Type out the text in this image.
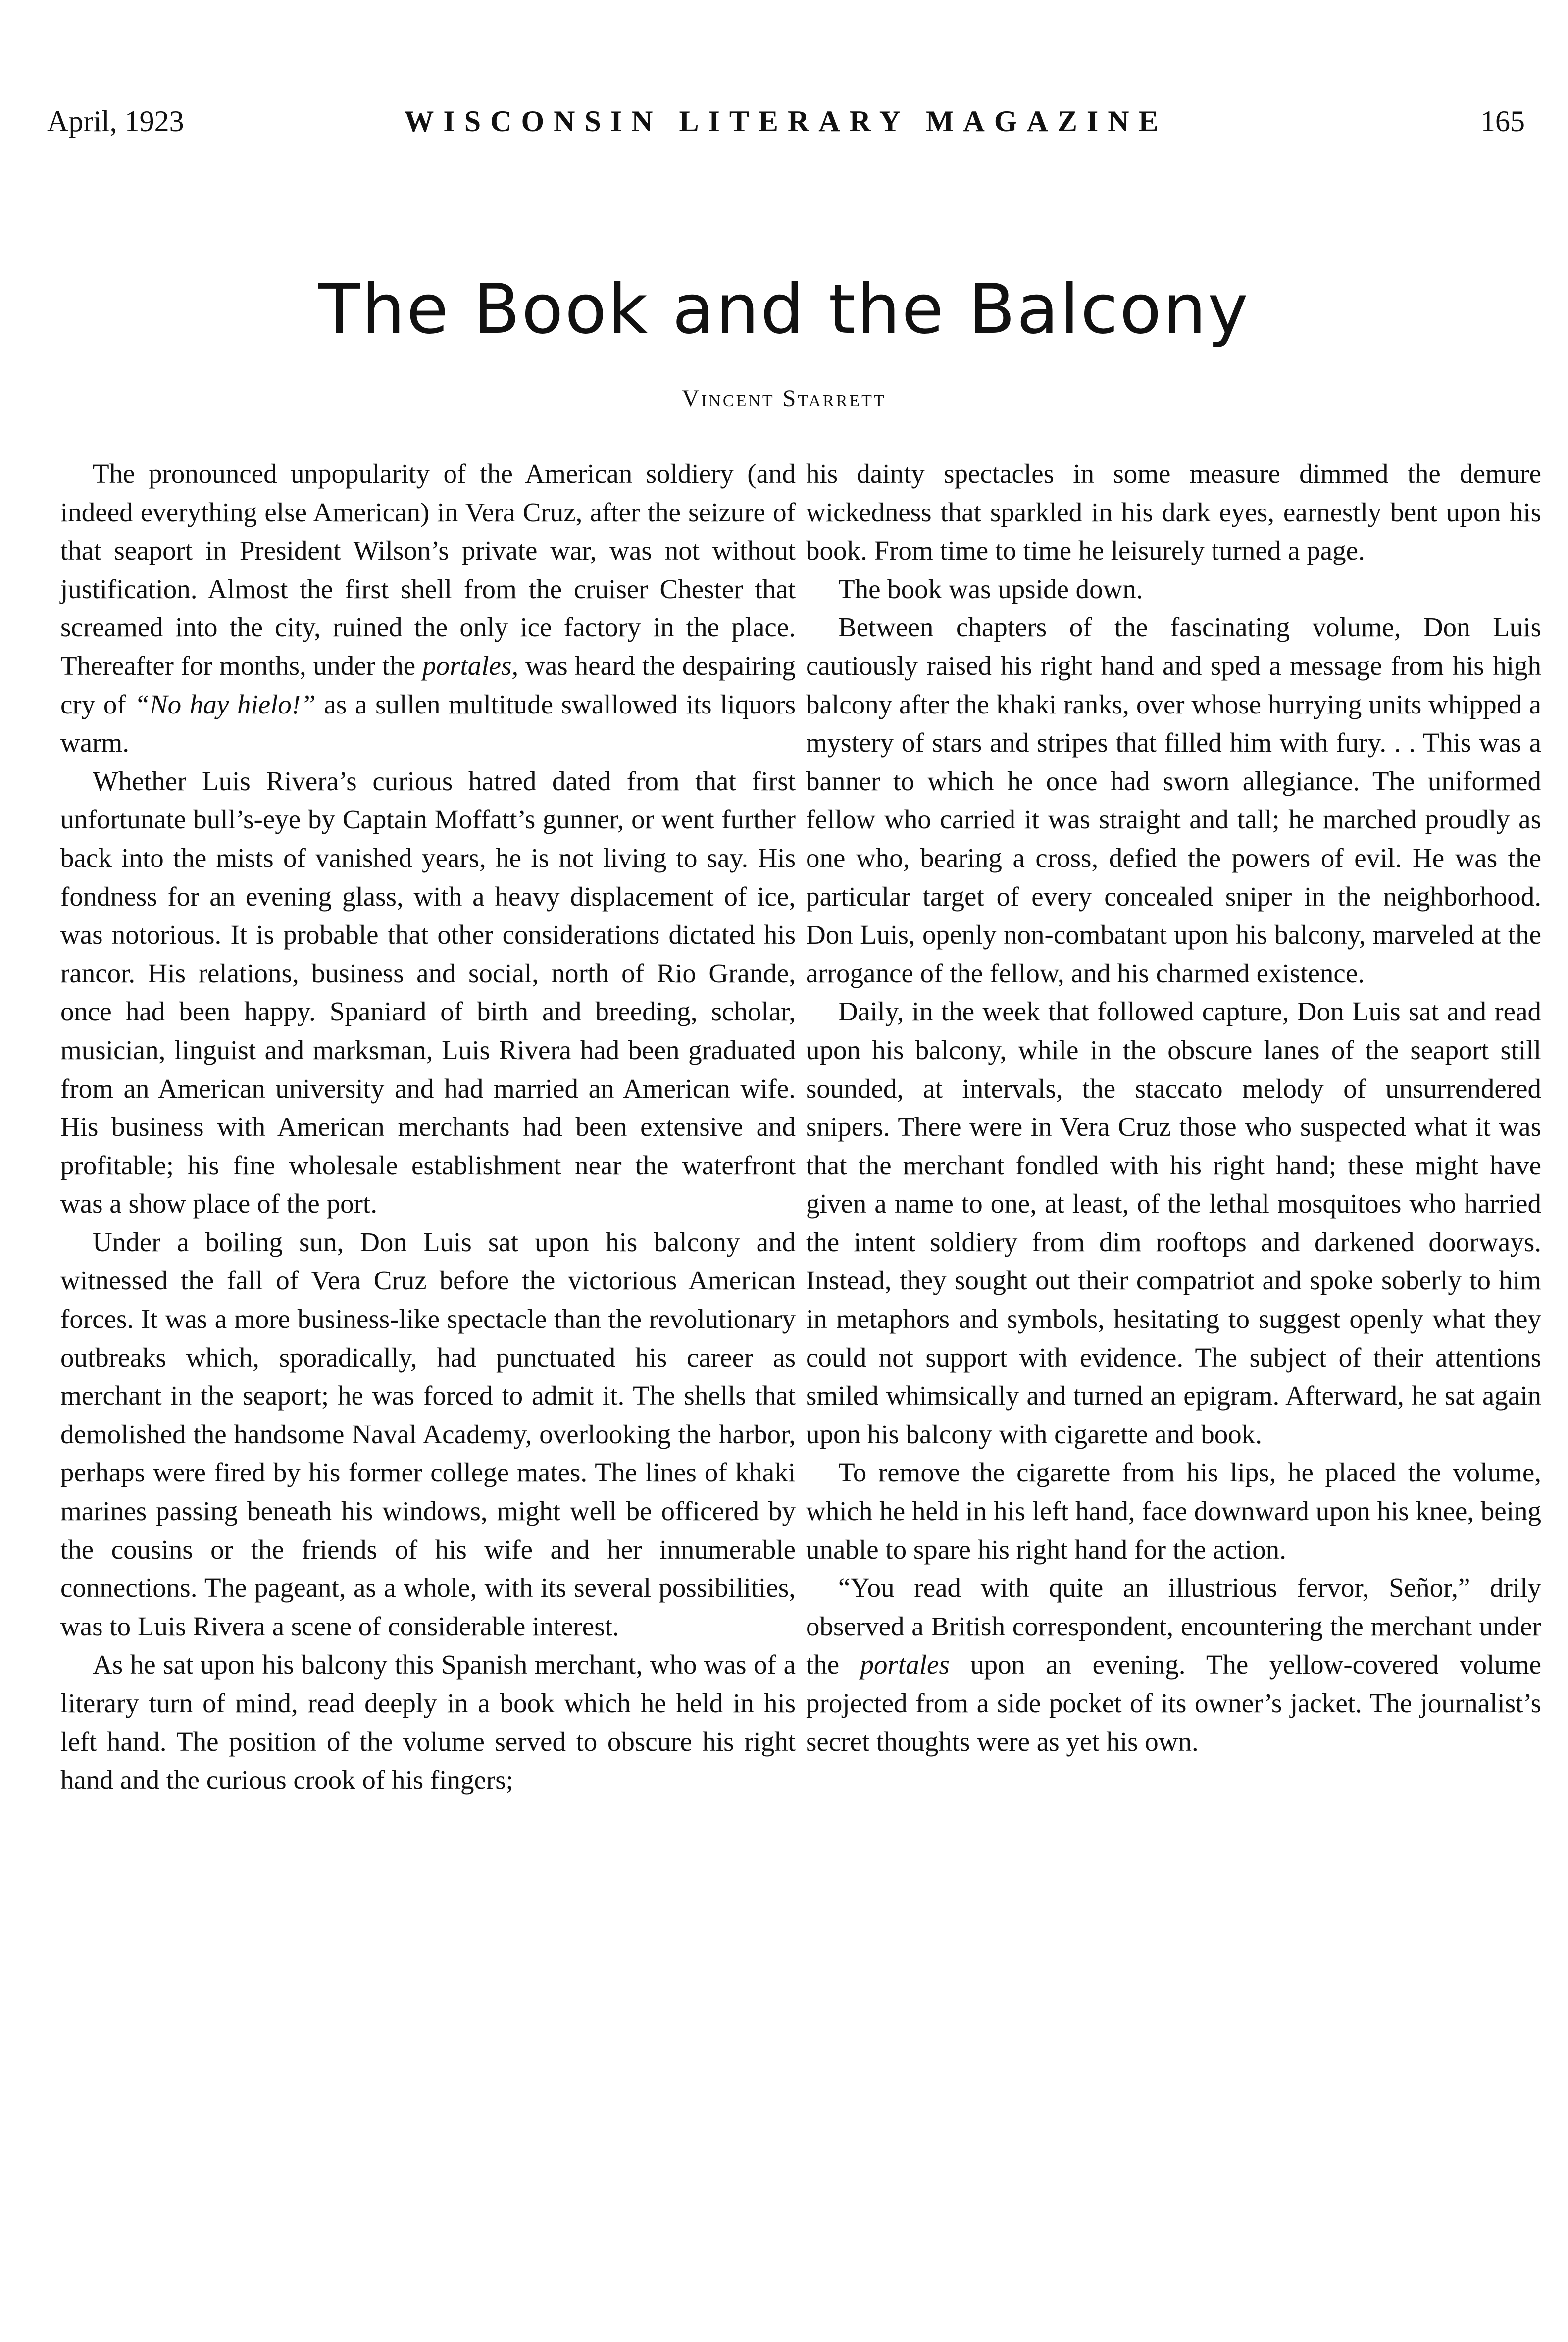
April, 1923	WISCONSIN LITERARY MAGAZINE	165
The Book and the Balcony
Vincent Starrett

The pronounced unpopularity of the American soldiery (and indeed everything else American) in Vera Cruz, after the seizure of that seaport in President Wilson’s private war, was not without justification. Almost the first shell from the cruiser Chester that screamed into the city, ruined the only ice factory in the place. Thereafter for months, under the portales, was heard the despairing cry of “No hay hielo!” as a sullen multitude swallowed its liquors warm.

Whether Luis Rivera’s curious hatred dated from that first unfortunate bull’s-eye by Captain Moffatt’s gunner, or went further back into the mists of vanished years, he is not living to say. His fondness for an evening glass, with a heavy displacement of ice, was notorious. It is probable that other considerations dictated his rancor. His relations, business and social, north of Rio Grande, once had been happy. Spaniard of birth and breeding, scholar, musician, linguist and marksman, Luis Rivera had been graduated from an American university and had married an American wife. His business with American merchants had been extensive and profitable; his fine wholesale establishment near the waterfront was a show place of the port.

Under a boiling sun, Don Luis sat upon his balcony and witnessed the fall of Vera Cruz before the victorious American forces. It was a more business-like spectacle than the revolutionary outbreaks which, sporadically, had punctuated his career as merchant in the seaport; he was forced to admit it. The shells that demolished the handsome Naval Academy, overlooking the harbor, perhaps were fired by his former college mates. The lines of khaki marines passing beneath his windows, might well be officered by the cousins or the friends of his wife and her innumerable connections. The pageant, as a whole, with its several possibilities, was to Luis Rivera a scene of considerable interest.

As he sat upon his balcony this Spanish merchant, who was of a literary turn of mind, read deeply in a book which he held in his left hand. The position of the volume served to obscure his right hand and the curious crook of his fingers;

his dainty spectacles in some measure dimmed the demure wickedness that sparkled in his dark eyes, earnestly bent upon his book. From time to time he leisurely turned a page.

The book was upside down.

Between chapters of the fascinating volume, Don Luis cautiously raised his right hand and sped a message from his high balcony after the khaki ranks, over whose hurrying units whipped a mystery of stars and stripes that filled him with fury. . . This was a banner to which he once had sworn allegiance. The uniformed fellow who carried it was straight and tall; he marched proudly as one who, bearing a cross, defied the powers of evil. He was the particular target of every concealed sniper in the neighborhood. Don Luis, openly non-combatant upon his balcony, marveled at the arrogance of the fellow, and his charmed existence.

Daily, in the week that followed capture, Don Luis sat and read upon his balcony, while in the obscure lanes of the seaport still sounded, at intervals, the staccato melody of unsurrendered snipers. There were in Vera Cruz those who suspected what it was that the merchant fondled with his right hand; these might have given a name to one, at least, of the lethal mosquitoes who harried the intent soldiery from dim rooftops and darkened doorways. Instead, they sought out their compatriot and spoke soberly to him in metaphors and symbols, hesitating to suggest openly what they could not support with evidence. The subject of their attentions smiled whimsically and turned an epigram. Afterward, he sat again upon his balcony with cigarette and book.

To remove the cigarette from his lips, he placed the volume, which he held in his left hand, face downward upon his knee, being unable to spare his right hand for the action.

“You read with quite an illustrious fervor, Señor,” drily observed a British correspondent, encountering the merchant under the portales upon an evening. The yellow-covered volume projected from a side pocket of its owner’s jacket. The journalist’s secret thoughts were as yet his own.
